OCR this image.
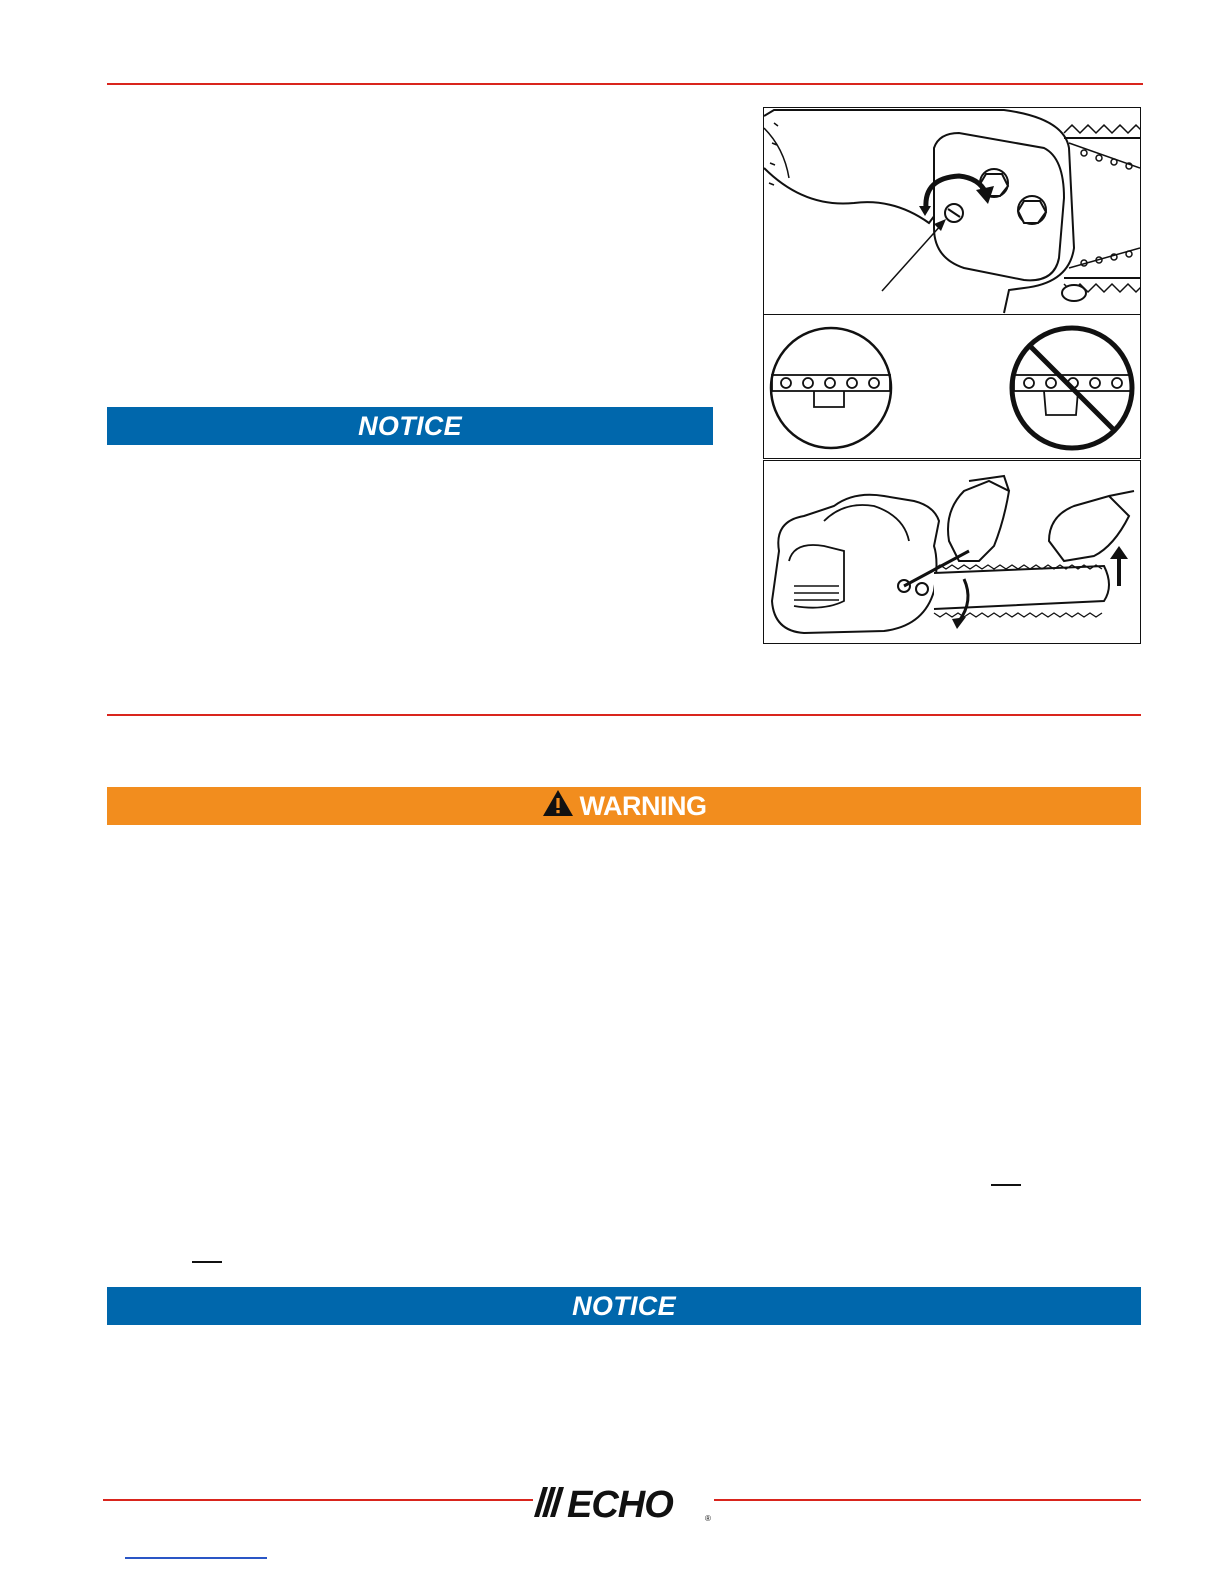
NOTICE
WARNING
NOTICE
ECHO	®
